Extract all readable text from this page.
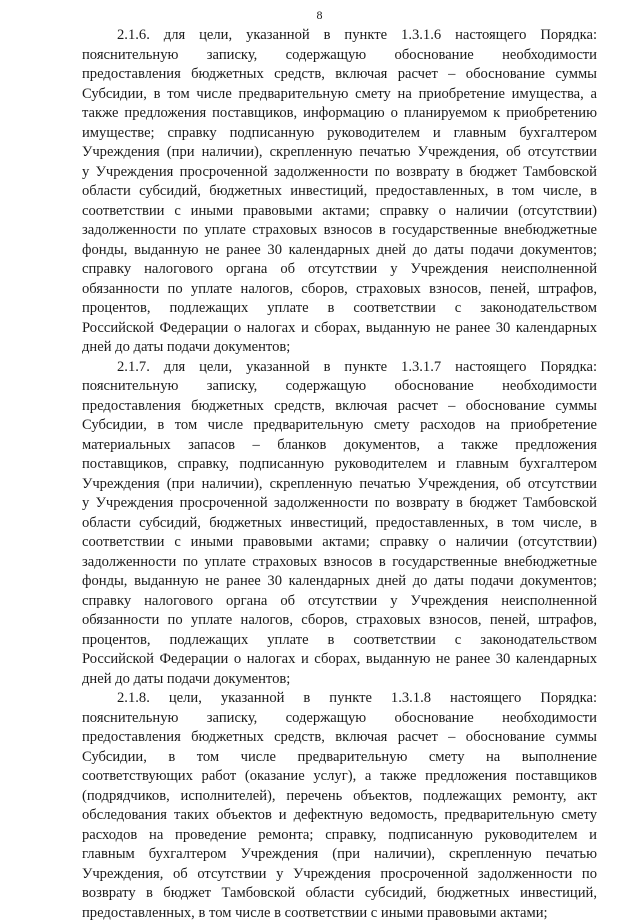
8
2.1.6. для цели, указанной в пункте 1.3.1.6 настоящего Порядка:
пояснительную записку, содержащую обоснование необходимости
предоставления бюджетных средств, включая расчет – обоснование суммы
Субсидии, в том числе предварительную смету на приобретение имущества, а
также предложения поставщиков, информацию о планируемом к приобретению
имуществе; справку подписанную руководителем и главным бухгалтером
Учреждения (при наличии), скрепленную печатью Учреждения, об отсутствии
у Учреждения просроченной задолженности по возврату в бюджет Тамбовской
области субсидий, бюджетных инвестиций, предоставленных, в том числе, в
соответствии с иными правовыми актами; справку о наличии (отсутствии)
задолженности по уплате страховых взносов в государственные внебюджетные
фонды, выданную не ранее 30 календарных дней до даты подачи документов;
справку налогового органа об отсутствии у Учреждения неисполненной
обязанности по уплате налогов, сборов, страховых взносов, пеней, штрафов,
процентов, подлежащих уплате в соответствии с законодательством
Российской Федерации о налогах и сборах, выданную не ранее 30 календарных
дней до даты подачи документов;
2.1.7. для цели, указанной в пункте 1.3.1.7 настоящего Порядка:
пояснительную записку, содержащую обоснование необходимости
предоставления бюджетных средств, включая расчет – обоснование суммы
Субсидии, в том числе предварительную смету расходов на приобретение
материальных запасов – бланков документов, а также предложения
поставщиков, справку, подписанную руководителем и главным бухгалтером
Учреждения (при наличии), скрепленную печатью Учреждения, об отсутствии
у Учреждения просроченной задолженности по возврату в бюджет Тамбовской
области субсидий, бюджетных инвестиций, предоставленных, в том числе, в
соответствии с иными правовыми актами; справку о наличии (отсутствии)
задолженности по уплате страховых взносов в государственные внебюджетные
фонды, выданную не ранее 30 календарных дней до даты подачи документов;
справку налогового органа об отсутствии у Учреждения неисполненной
обязанности по уплате налогов, сборов, страховых взносов, пеней, штрафов,
процентов, подлежащих уплате в соответствии с законодательством
Российской Федерации о налогах и сборах, выданную не ранее 30 календарных
дней до даты подачи документов;
2.1.8. цели, указанной в пункте 1.3.1.8 настоящего Порядка:
пояснительную записку, содержащую обоснование необходимости
предоставления бюджетных средств, включая расчет – обоснование суммы
Субсидии, в том числе предварительную смету на выполнение
соответствующих работ (оказание услуг), а также предложения поставщиков
(подрядчиков, исполнителей), перечень объектов, подлежащих ремонту, акт
обследования таких объектов и дефектную ведомость, предварительную смету
расходов на проведение ремонта; справку, подписанную руководителем и
главным бухгалтером Учреждения (при наличии), скрепленную печатью
Учреждения, об отсутствии у Учреждения просроченной задолженности по
возврату в бюджет Тамбовской области субсидий, бюджетных инвестиций,
предоставленных, в том числе в соответствии с иными правовыми актами;
